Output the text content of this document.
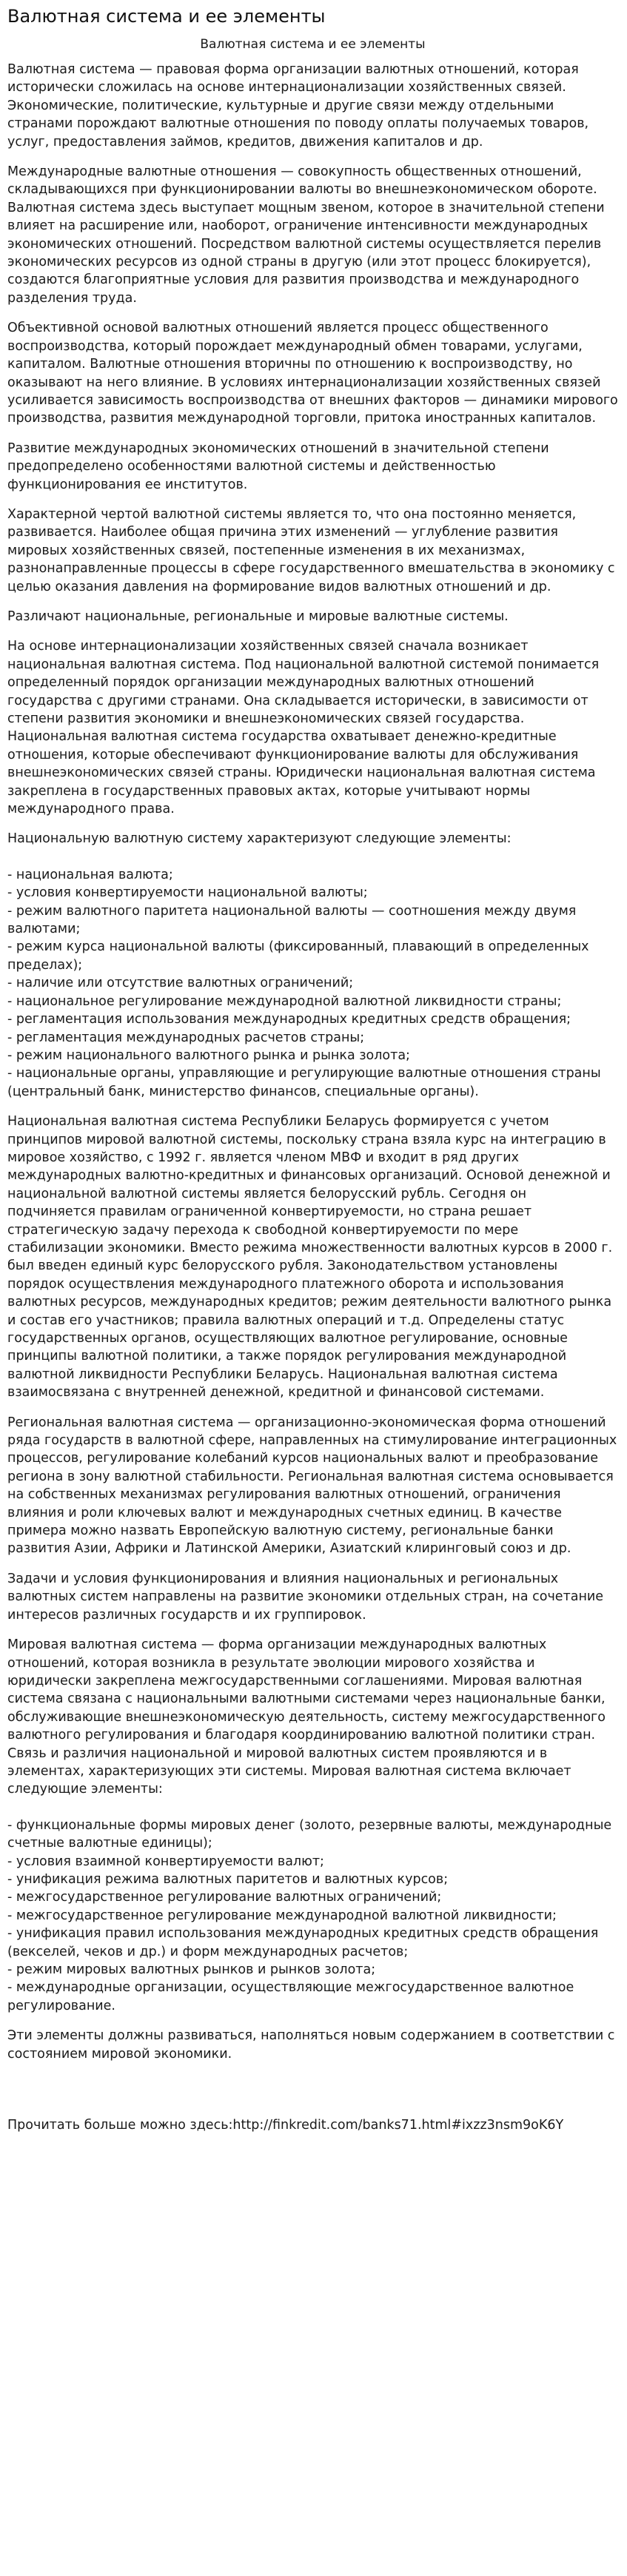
Валютная система и ее элементы
Валютная система и ее элементы

Валютная система — правовая форма организации валютных отношений, которая исторически сложилась на основе интернационализации хозяйственных связей. Экономические, политические, культурные и другие связи между отдельными странами порождают валютные отношения по поводу оплаты получаемых товаров, услуг, предоставления займов, кредитов, движения капиталов и др.

Международные валютные отношения — совокупность общественных отношений, складывающихся при функционировании валюты во внешнеэкономическом обороте. Валютная система здесь выступает мощным звеном, которое в значительной степени влияет на расширение или, наоборот, ограничение интенсивности международных экономических отношений. Посредством валютной системы осуществляется перелив экономических ресурсов из одной страны в другую (или этот процесс блокируется), создаются благоприятные условия для развития производства и международного разделения труда.

Объективной основой валютных отношений является процесс общественного воспроизводства, который порождает международный обмен товарами, услугами, капиталом. Валютные отношения вторичны по отношению к воспроизводству, но оказывают на него влияние. В условиях интернационализации хозяйственных связей усиливается зависимость воспроизводства от внешних факторов — динамики мирового производства, развития международной торговли, притока иностранных капиталов.

Развитие международных экономических отношений в значительной степени предопределено особенностями валютной системы и действенностью функционирования ее институтов.

Характерной чертой валютной системы является то, что она постоянно меняется, развивается. Наиболее общая причина этих изменений — углубление развития мировых хозяйственных связей, постепенные изменения в их механизмах, разнонаправленные процессы в сфере государственного вмешательства в экономику с целью оказания давления на формирование видов валютных отношений и др.

Различают национальные, региональные и мировые валютные системы.

На основе интернационализации хозяйственных связей сначала возникает национальная валютная система. Под национальной валютной системой понимается определенный порядок организации международных валютных отношений государства с другими странами. Она складывается исторически, в зависимости от степени развития экономики и внешнеэкономических связей государства. Национальная валютная система государства охватывает денежно-кредитные отношения, которые обеспечивают функционирование валюты для обслуживания внешнеэкономических связей страны. Юридически национальная валютная система закреплена в государственных правовых актах, которые учитывают нормы международного права.

Национальную валютную систему характеризуют следующие элементы:

- национальная валюта;
- условия конвертируемости национальной валюты;
- режим валютного паритета национальной валюты — соотношения между двумя валютами;
- режим курса национальной валюты (фиксированный, плавающий в определенных пределах);
- наличие или отсутствие валютных ограничений;
- национальное регулирование международной валютной ликвидности страны;
- регламентация использования международных кредитных средств обращения;
- регламентация международных расчетов страны;
- режим национального валютного рынка и рынка золота;
- национальные органы, управляющие и регулирующие валютные отношения страны (центральный банк, министерство финансов, специальные органы).

Национальная валютная система Республики Беларусь формируется с учетом принципов мировой валютной системы, поскольку страна взяла курс на интеграцию в мировое хозяйство, с 1992 г. является членом МВФ и входит в ряд других международных валютно-кредитных и финансовых организаций. Основой денежной и национальной валютной системы является белорусский рубль. Сегодня он подчиняется правилам ограниченной конвертируемости, но страна решает стратегическую задачу перехода к свободной конвертируемости по мере стабилизации экономики. Вместо режима множественности валютных курсов в 2000 г. был введен единый курс белорусского рубля. Законодательством установлены порядок осуществления международного платежного оборота и использования валютных ресурсов, международных кредитов; режим деятельности валютного рынка и состав его участников; правила валютных операций и т.д. Определены статус государственных органов, осуществляющих валютное регулирование, основные принципы валютной политики, а также порядок регулирования международной валютной ликвидности Республики Беларусь. Национальная валютная система взаимосвязана с внутренней денежной, кредитной и финансовой системами.

Региональная валютная система — организационно-экономическая форма отношений ряда государств в валютной сфере, направленных на стимулирование интеграционных процессов, регулирование колебаний курсов национальных валют и преобразование региона в зону валютной стабильности. Региональная валютная система основывается на собственных механизмах регулирования валютных отношений, ограничения влияния и роли ключевых валют и международных счетных единиц. В качестве примера можно назвать Европейскую валютную систему, региональные банки развития Азии, Африки и Латинской Америки, Азиатский клиринговый союз и др.

Задачи и условия функционирования и влияния национальных и региональных валютных систем направлены на развитие экономики отдельных стран, на сочетание интересов различных государств и их группировок.

Мировая валютная система — форма организации международных валютных отношений, которая возникла в результате эволюции мирового хозяйства и юридически закреплена межгосударственными соглашениями. Мировая валютная система связана с национальными валютными системами через национальные банки, обслуживающие внешнеэкономическую деятельность, систему межгосударственного валютного регулирования и благодаря координированию валютной политики стран. Связь и различия национальной и мировой валютных систем проявляются и в элементах, характеризующих эти системы. Мировая валютная система включает следующие элементы:

- функциональные формы мировых денег (золото, резервные валюты, международные счетные валютные единицы);
- условия взаимной конвертируемости валют;
- унификация режима валютных паритетов и валютных курсов;
- межгосударственное регулирование валютных ограничений;
- межгосударственное регулирование международной валютной ликвидности;
- унификация правил использования международных кредитных средств обращения (векселей, чеков и др.) и форм международных расчетов;
- режим мировых валютных рынков и рынков золота;
- международные организации, осуществляющие межгосударственное валютное регулирование.

Эти элементы должны развиваться, наполняться новым содержанием в соответствии с состоянием мировой экономики.

Прочитать больше можно здесь:http://finkredit.com/banks71.html#ixzz3nsm9oK6Y
